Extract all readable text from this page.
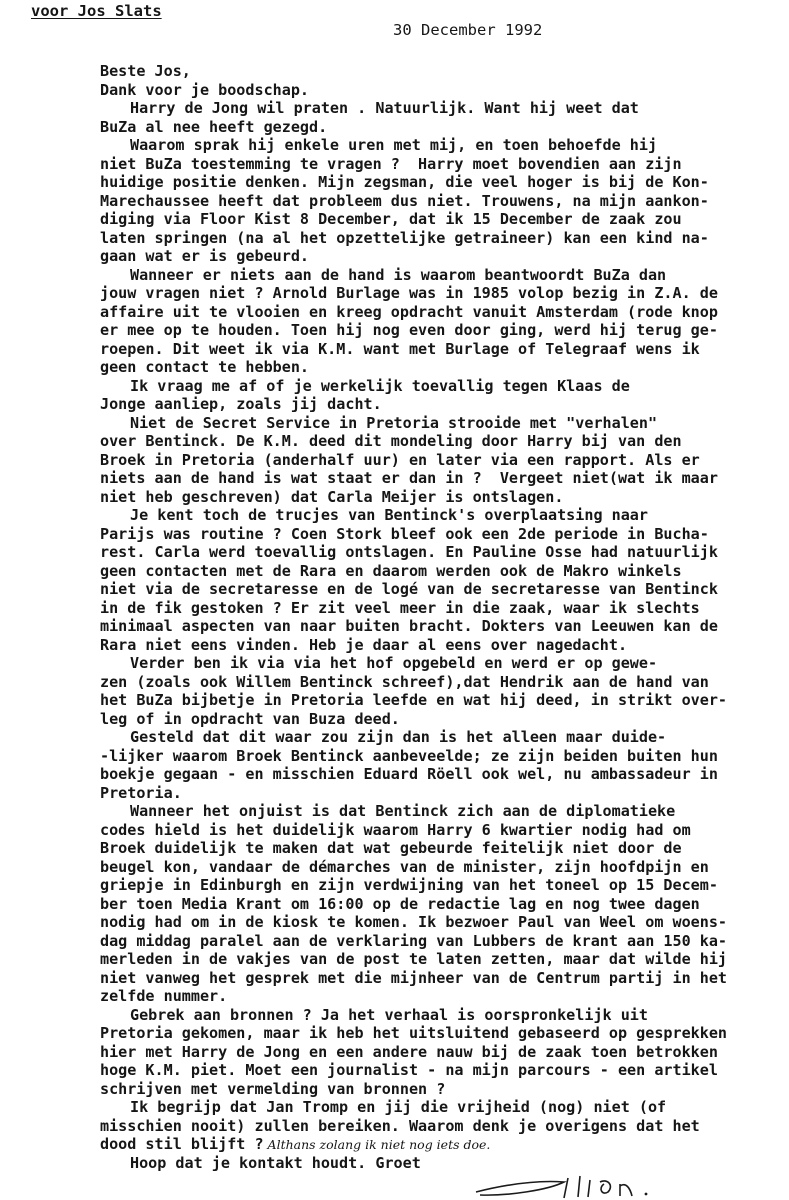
voor Jos Slats
30 December 1992
Beste Jos,
Dank voor je boodschap.
Harry de Jong wil praten . Natuurlijk. Want hij weet dat
BuZa al nee heeft gezegd.
Waarom sprak hij enkele uren met mij, en toen behoefde hij
niet BuZa toestemming te vragen ?  Harry moet bovendien aan zijn
huidige positie denken. Mijn zegsman, die veel hoger is bij de Kon-
Marechaussee heeft dat probleem dus niet. Trouwens, na mijn aankon-
diging via Floor Kist 8 December, dat ik 15 December de zaak zou
laten springen (na al het opzettelijke getraineer) kan een kind na-
gaan wat er is gebeurd.
Wanneer er niets aan de hand is waarom beantwoordt BuZa dan
jouw vragen niet ? Arnold Burlage was in 1985 volop bezig in Z.A. de
affaire uit te vlooien en kreeg opdracht vanuit Amsterdam (rode knop
er mee op te houden. Toen hij nog even door ging, werd hij terug ge-
roepen. Dit weet ik via K.M. want met Burlage of Telegraaf wens ik
geen contact te hebben.
Ik vraag me af of je werkelijk toevallig tegen Klaas de
Jonge aanliep, zoals jij dacht.
Niet de Secret Service in Pretoria strooide met "verhalen"
over Bentinck. De K.M. deed dit mondeling door Harry bij van den
Broek in Pretoria (anderhalf uur) en later via een rapport. Als er
niets aan de hand is wat staat er dan in ?  Vergeet niet(wat ik maar
niet heb geschreven) dat Carla Meijer is ontslagen.
Je kent toch de trucjes van Bentinck's overplaatsing naar
Parijs was routine ? Coen Stork bleef ook een 2de periode in Bucha-
rest. Carla werd toevallig ontslagen. En Pauline Osse had natuurlijk
geen contacten met de Rara en daarom werden ook de Makro winkels
niet via de secretaresse en de logé van de secretaresse van Bentinck
in de fik gestoken ? Er zit veel meer in die zaak, waar ik slechts
minimaal aspecten van naar buiten bracht. Dokters van Leeuwen kan de
Rara niet eens vinden. Heb je daar al eens over nagedacht.
Verder ben ik via via het hof opgebeld en werd er op gewe-
zen (zoals ook Willem Bentinck schreef),dat Hendrik aan de hand van
het BuZa bijbetje in Pretoria leefde en wat hij deed, in strikt over-
leg of in opdracht van Buza deed.
Gesteld dat dit waar zou zijn dan is het alleen maar duide-
-lijker waarom Broek Bentinck aanbeveelde; ze zijn beiden buiten hun
boekje gegaan - en misschien Eduard Röell ook wel, nu ambassadeur in
Pretoria.
Wanneer het onjuist is dat Bentinck zich aan de diplomatieke
codes hield is het duidelijk waarom Harry 6 kwartier nodig had om
Broek duidelijk te maken dat wat gebeurde feitelijk niet door de
beugel kon, vandaar de démarches van de minister, zijn hoofdpijn en
griepje in Edinburgh en zijn verdwijning van het toneel op 15 Decem-
ber toen Media Krant om 16:00 op de redactie lag en nog twee dagen
nodig had om in de kiosk te komen. Ik bezwoer Paul van Weel om woens-
dag middag paralel aan de verklaring van Lubbers de krant aan 150 ka-
merleden in de vakjes van de post te laten zetten, maar dat wilde hij
niet vanweg het gesprek met die mijnheer van de Centrum partij in het
zelfde nummer.
Gebrek aan bronnen ? Ja het verhaal is oorspronkelijk uit
Pretoria gekomen, maar ik heb het uitsluitend gebaseerd op gesprekken
hier met Harry de Jong en een andere nauw bij de zaak toen betrokken
hoge K.M. piet. Moet een journalist - na mijn parcours - een artikel
schrijven met vermelding van bronnen ?
Ik begrijp dat Jan Tromp en jij die vrijheid (nog) niet (of
misschien nooit) zullen bereiken. Waarom denk je overigens dat het
dood stil blijft ? Althans zolang ik niet nog iets doe.
Hoop dat je kontakt houdt. Groet
